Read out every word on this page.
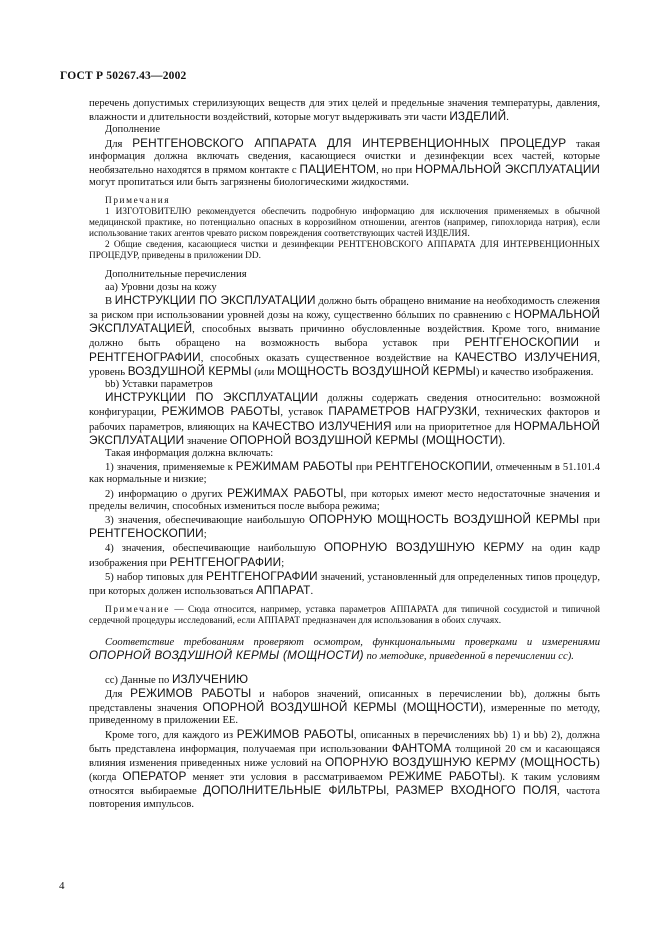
ГОСТ Р 50267.43—2002

перечень допустимых стерилизующих веществ для этих целей и предельные значения температуры, давления, влажности и длительности воздействий, которые могут выдерживать эти части ИЗДЕЛИЙ.

Дополнение

Для РЕНТГЕНОВСКОГО АППАРАТА ДЛЯ ИНТЕРВЕНЦИОННЫХ ПРОЦЕДУР такая информация должна включать сведения, касающиеся очистки и дезинфекции всех частей, которые необязательно находятся в прямом контакте с ПАЦИЕНТОМ, но при НОРМАЛЬНОЙ ЭКСПЛУАТАЦИИ могут пропитаться или быть загрязнены биологическими жидкостями.

Примечания

1 ИЗГОТОВИТЕЛЮ рекомендуется обеспечить подробную информацию для исключения применяемых в обычной медицинской практике, но потенциально опасных в коррозийном отношении, агентов (например, гипохлорида натрия), если использование таких агентов чревато риском повреждения соответствующих частей ИЗДЕЛИЯ.

2 Общие сведения, касающиеся чистки и дезинфекции РЕНТГЕНОВСКОГО АППАРАТА ДЛЯ ИНТЕРВЕНЦИОННЫХ ПРОЦЕДУР, приведены в приложении DD.

Дополнительные перечисления

аа) Уровни дозы на кожу

В ИНСТРУКЦИИ ПО ЭКСПЛУАТАЦИИ должно быть обращено внимание на необходимость слежения за риском при использовании уровней дозы на кожу, существенно бóльших по сравнению с НОРМАЛЬНОЙ ЭКСПЛУАТАЦИЕЙ, способных вызвать причинно обусловленные воздействия. Кроме того, внимание должно быть обращено на возможность выбора уставок при РЕНТГЕНОСКОПИИ и РЕНТГЕНОГРАФИИ, способных оказать существенное воздействие на КАЧЕСТВО ИЗЛУЧЕНИЯ, уровень ВОЗДУШНОЙ КЕРМЫ (или МОЩНОСТЬ ВОЗДУШНОЙ КЕРМЫ) и качество изображения.

bb) Уставки параметров

ИНСТРУКЦИИ ПО ЭКСПЛУАТАЦИИ должны содержать сведения относительно: возможной конфигурации, РЕЖИМОВ РАБОТЫ, уставок ПАРАМЕТРОВ НАГРУЗКИ, технических факторов и рабочих параметров, влияющих на КАЧЕСТВО ИЗЛУЧЕНИЯ или на приоритетное для НОРМАЛЬНОЙ ЭКСПЛУАТАЦИИ значение ОПОРНОЙ ВОЗДУШНОЙ КЕРМЫ (МОЩНОСТИ).

Такая информация должна включать:

1) значения, применяемые к РЕЖИМАМ РАБОТЫ при РЕНТГЕНОСКОПИИ, отмеченным в 51.101.4 как нормальные и низкие;

2) информацию о других РЕЖИМАХ РАБОТЫ, при которых имеют место недостаточные значения и пределы величин, способных измениться после выбора режима;

3) значения, обеспечивающие наибольшую ОПОРНУЮ МОЩНОСТЬ ВОЗДУШНОЙ КЕРМЫ при РЕНТГЕНОСКОПИИ;

4) значения, обеспечивающие наибольшую ОПОРНУЮ ВОЗДУШНУЮ КЕРМУ на один кадр изображения при РЕНТГЕНОГРАФИИ;

5) набор типовых для РЕНТГЕНОГРАФИИ значений, установленный для определенных типов процедур, при которых должен использоваться АППАРАТ.

Примечание — Сюда относится, например, уставка параметров АППАРАТА для типичной сосудистой и типичной сердечной процедуры исследований, если АППАРАТ предназначен для использования в обоих случаях.

Соответствие требованиям проверяют осмотром, функциональными проверками и измерениями ОПОРНОЙ ВОЗДУШНОЙ КЕРМЫ (МОЩНОСТИ) по методике, приведенной в перечислении сс).

сс) Данные по ИЗЛУЧЕНИЮ

Для РЕЖИМОВ РАБОТЫ и наборов значений, описанных в перечислении bb), должны быть представлены значения ОПОРНОЙ ВОЗДУШНОЙ КЕРМЫ (МОЩНОСТИ), измеренные по методу, приведенному в приложении EE.

Кроме того, для каждого из РЕЖИМОВ РАБОТЫ, описанных в перечислениях bb) 1) и bb) 2), должна быть представлена информация, получаемая при использовании ФАНТОМА толщиной 20 см и касающаяся влияния изменения приведенных ниже условий на ОПОРНУЮ ВОЗДУШНУЮ КЕРМУ (МОЩНОСТЬ) (когда ОПЕРАТОР меняет эти условия в рассматриваемом РЕЖИМЕ РАБОТЫ). К таким условиям относятся выбираемые ДОПОЛНИТЕЛЬНЫЕ ФИЛЬТРЫ, РАЗМЕР ВХОДНОГО ПОЛЯ, частота повторения импульсов.

4
